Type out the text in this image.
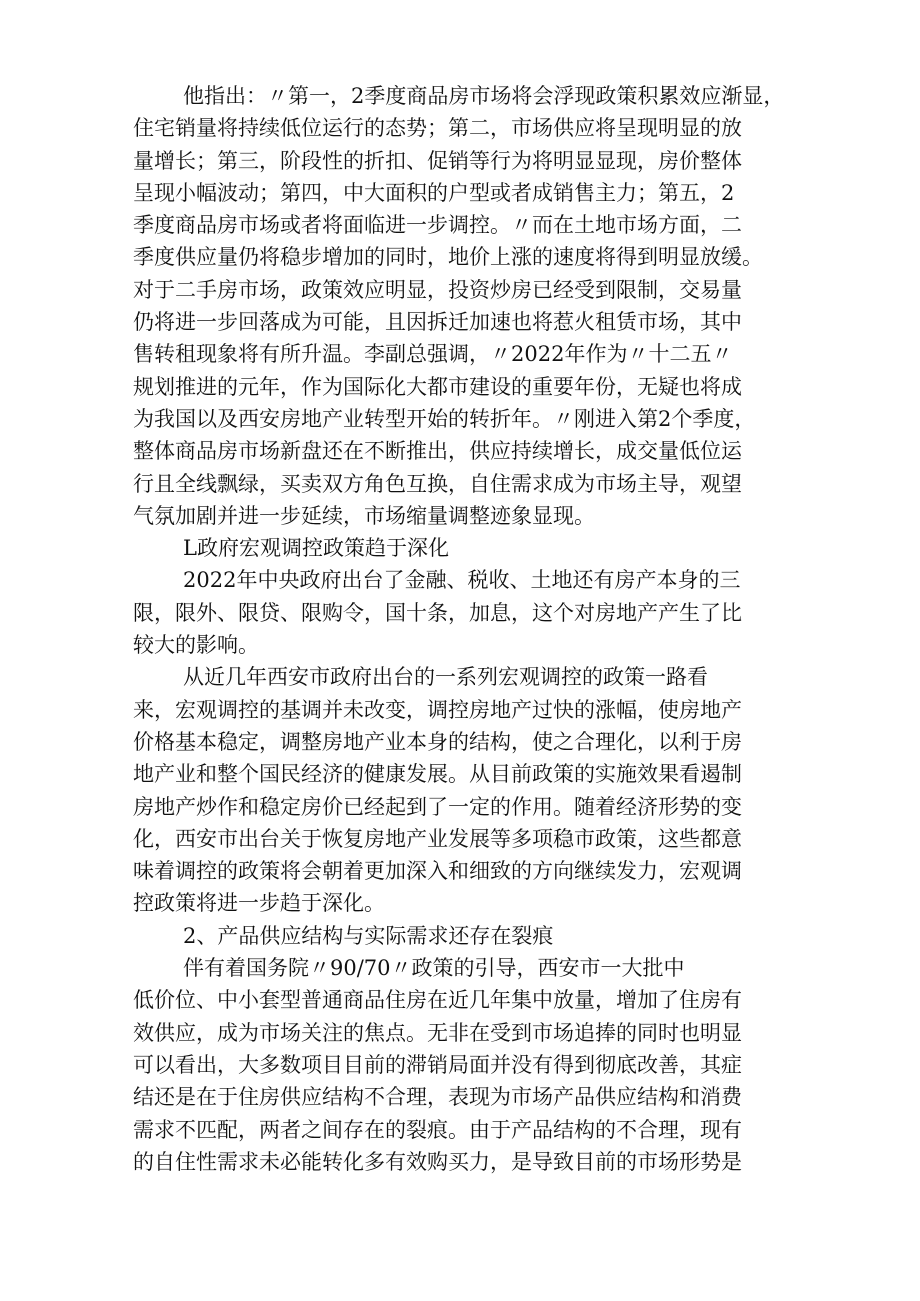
他指出：〃第一，2季度商品房市场将会浮现政策积累效应渐显，
住宅销量将持续低位运行的态势；第二，市场供应将呈现明显的放
量增长；第三，阶段性的折扣、促销等行为将明显显现，房价整体
呈现小幅波动；第四，中大面积的户型或者成销售主力；第五，2
季度商品房市场或者将面临进一步调控。〃而在土地市场方面，二
季度供应量仍将稳步增加的同时，地价上涨的速度将得到明显放缓。
对于二手房市场，政策效应明显，投资炒房已经受到限制，交易量
仍将进一步回落成为可能，且因拆迁加速也将惹火租赁市场，其中
售转租现象将有所升温。李副总强调，〃2022年作为〃十二五〃
规划推进的元年，作为国际化大都市建设的重要年份，无疑也将成
为我国以及西安房地产业转型开始的转折年。〃刚进入第2个季度，
整体商品房市场新盘还在不断推出，供应持续增长，成交量低位运
行且全线飘绿，买卖双方角色互换，自住需求成为市场主导，观望
气氛加剧并进一步延续，市场缩量调整迹象显现。
L政府宏观调控政策趋于深化
2022年中央政府出台了金融、税收、土地还有房产本身的三
限，限外、限贷、限购令，国十条，加息，这个对房地产产生了比
较大的影响。
从近几年西安市政府出台的一系列宏观调控的政策一路看
来，宏观调控的基调并未改变，调控房地产过快的涨幅，使房地产
价格基本稳定，调整房地产业本身的结构，使之合理化，以利于房
地产业和整个国民经济的健康发展。从目前政策的实施效果看遏制
房地产炒作和稳定房价已经起到了一定的作用。随着经济形势的变
化，西安市出台关于恢复房地产业发展等多项稳市政策，这些都意
味着调控的政策将会朝着更加深入和细致的方向继续发力，宏观调
控政策将进一步趋于深化。
2、产品供应结构与实际需求还存在裂痕
伴有着国务院〃90/70〃政策的引导，西安市一大批中
低价位、中小套型普通商品住房在近几年集中放量，增加了住房有
效供应，成为市场关注的焦点。无非在受到市场追捧的同时也明显
可以看出，大多数项目目前的滞销局面并没有得到彻底改善，其症
结还是在于住房供应结构不合理，表现为市场产品供应结构和消费
需求不匹配，两者之间存在的裂痕。由于产品结构的不合理，现有
的自住性需求未必能转化多有效购买力，是导致目前的市场形势是
